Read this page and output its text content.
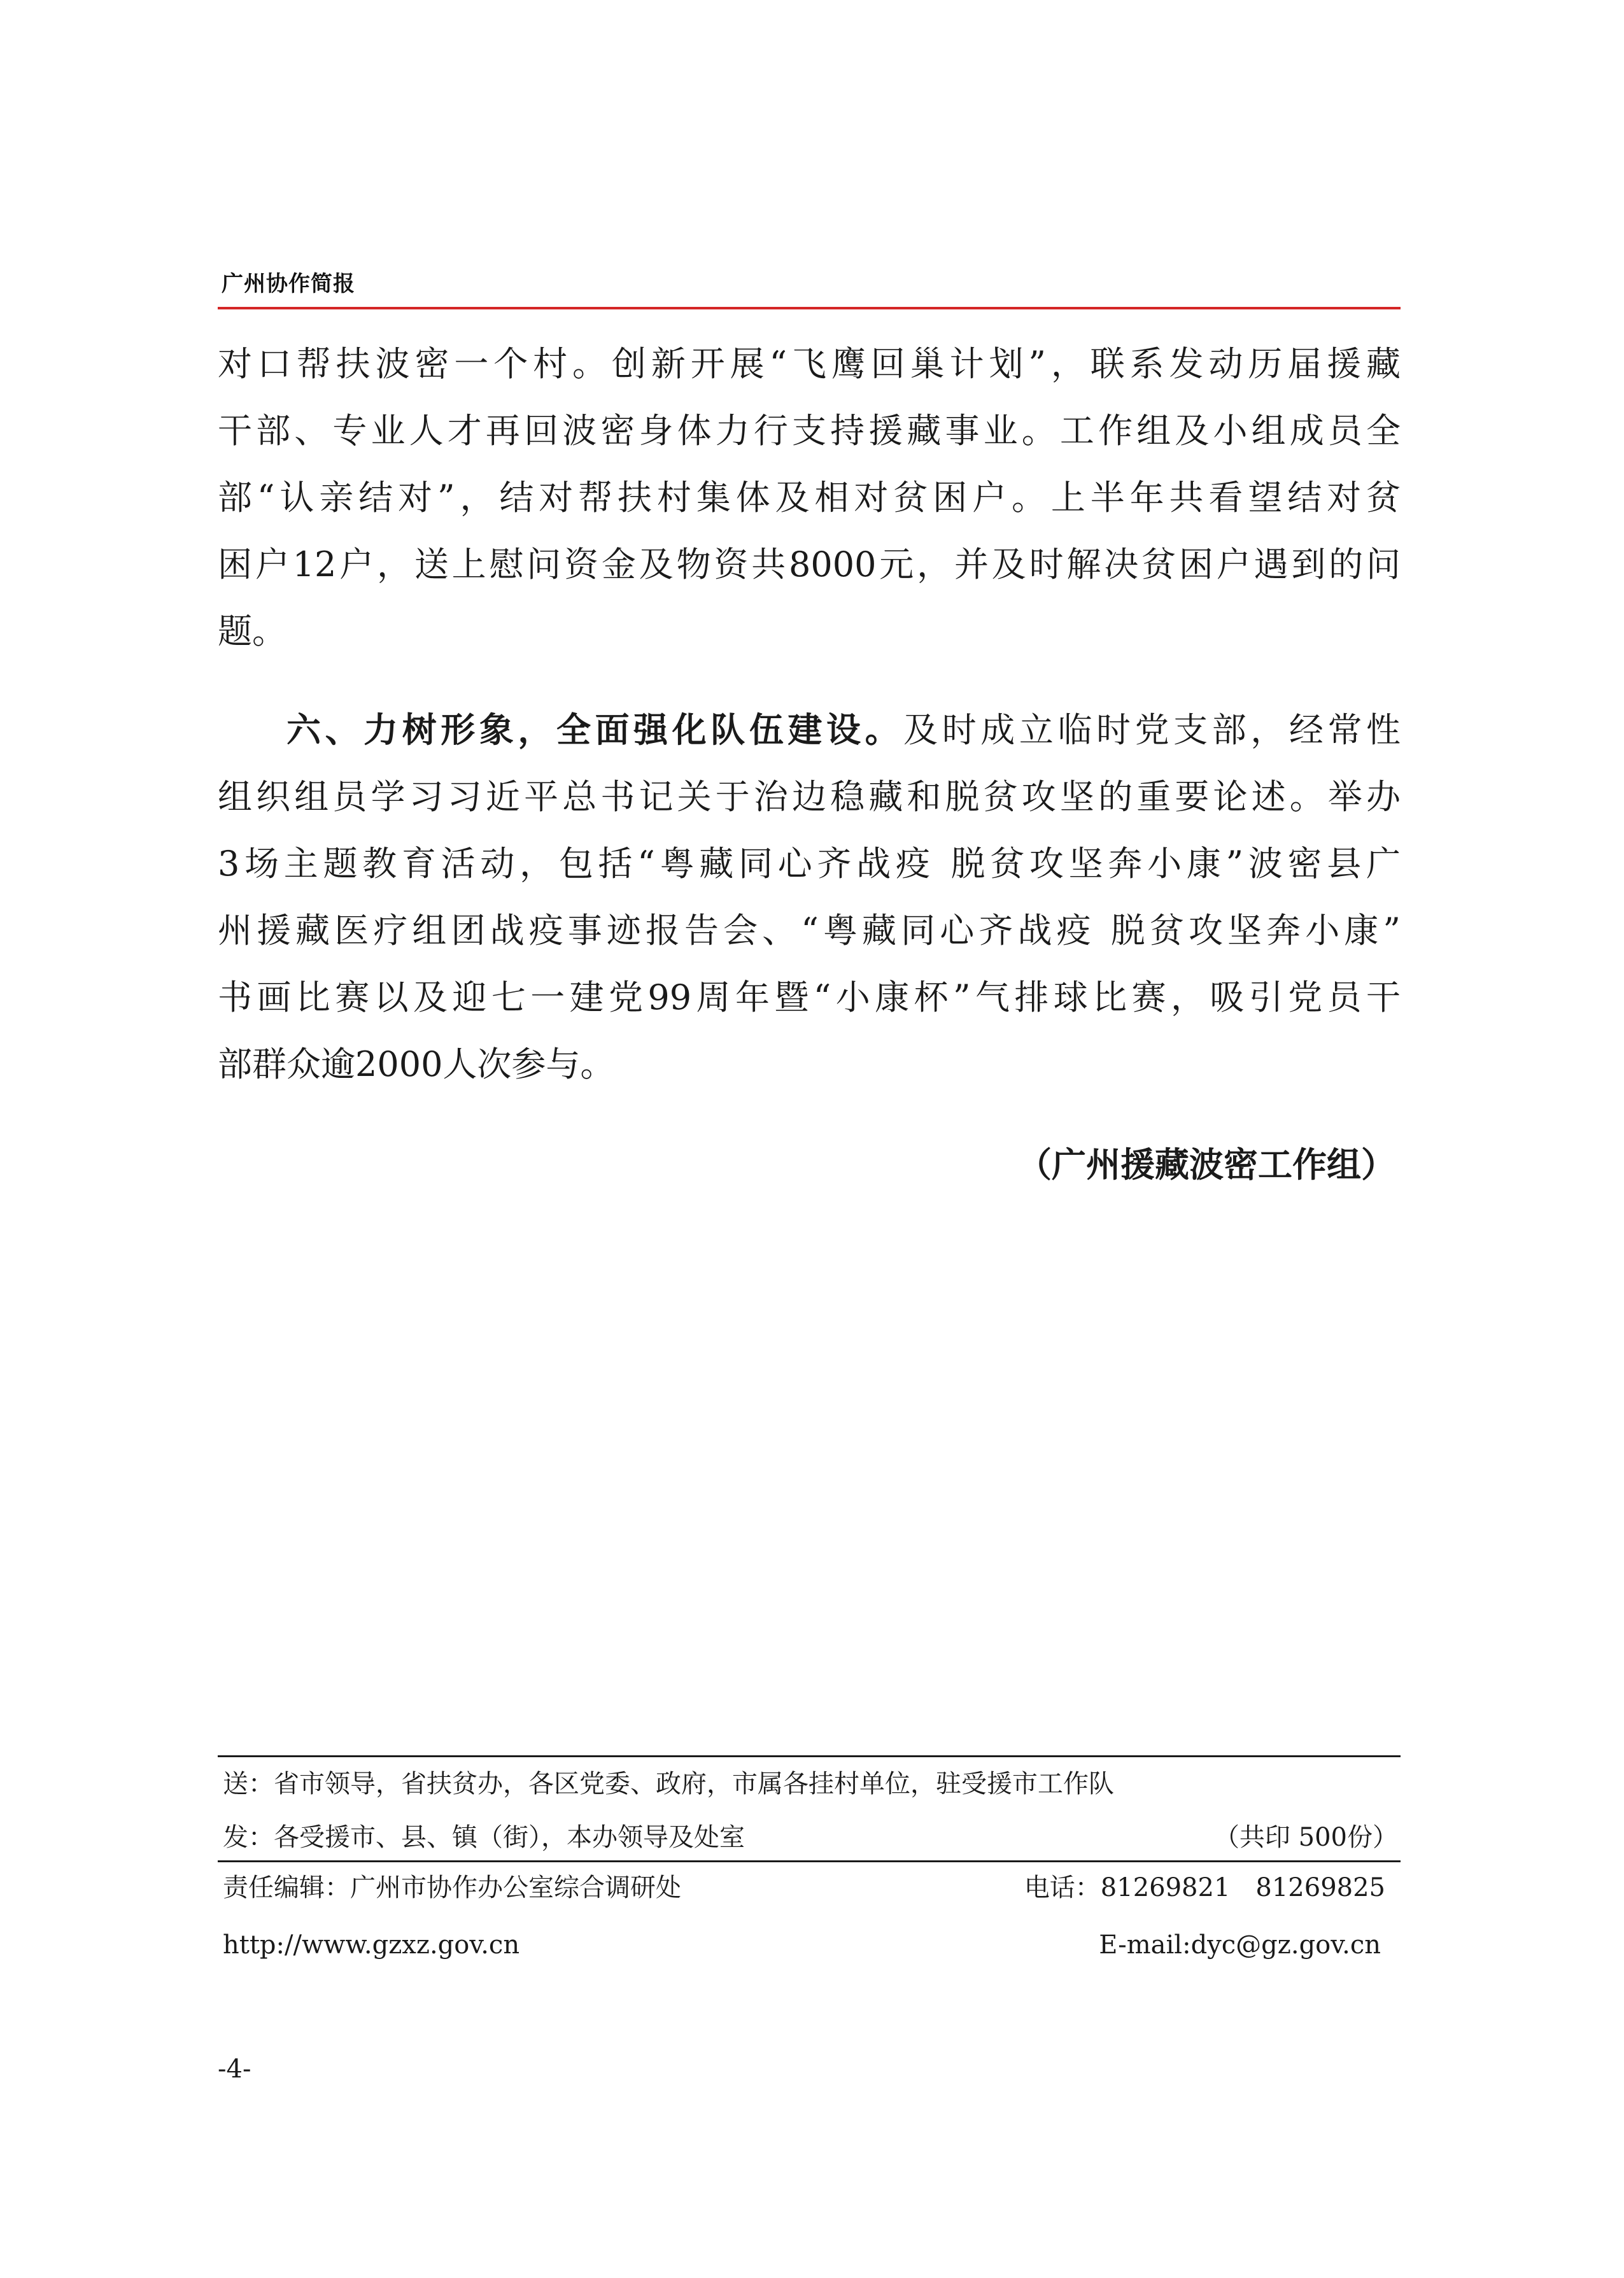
广州协作简报
对口帮扶波密一个村。创新开展“飞鹰回巢计划”，联系发动历届援藏
干部、专业人才再回波密身体力行支持援藏事业。工作组及小组成员全
部“认亲结对”，结对帮扶村集体及相对贫困户。上半年共看望结对贫
困户12户，送上慰问资金及物资共8000元，并及时解决贫困户遇到的问
题。
六、力树形象，全面强化队伍建设。及时成立临时党支部，经常性
组织组员学习习近平总书记关于治边稳藏和脱贫攻坚的重要论述。举办
3场主题教育活动，包括“粤藏同心齐战疫 脱贫攻坚奔小康”波密县广
州援藏医疗组团战疫事迹报告会、“粤藏同心齐战疫 脱贫攻坚奔小康”
书画比赛以及迎七一建党99周年暨“小康杯”气排球比赛，吸引党员干
部群众逾2000人次参与。
（广州援藏波密工作组）
送：省市领导，省扶贫办，各区党委、政府，市属各挂村单位，驻受援市工作队
发：各受援市、县、镇（街），本办领导及处室	（共印 500份）
责任编辑：广州市协作办公室综合调研处	电话：81269821　81269825
http://www.gzxz.gov.cn	E-mail:dyc@gz.gov.cn
-4-
